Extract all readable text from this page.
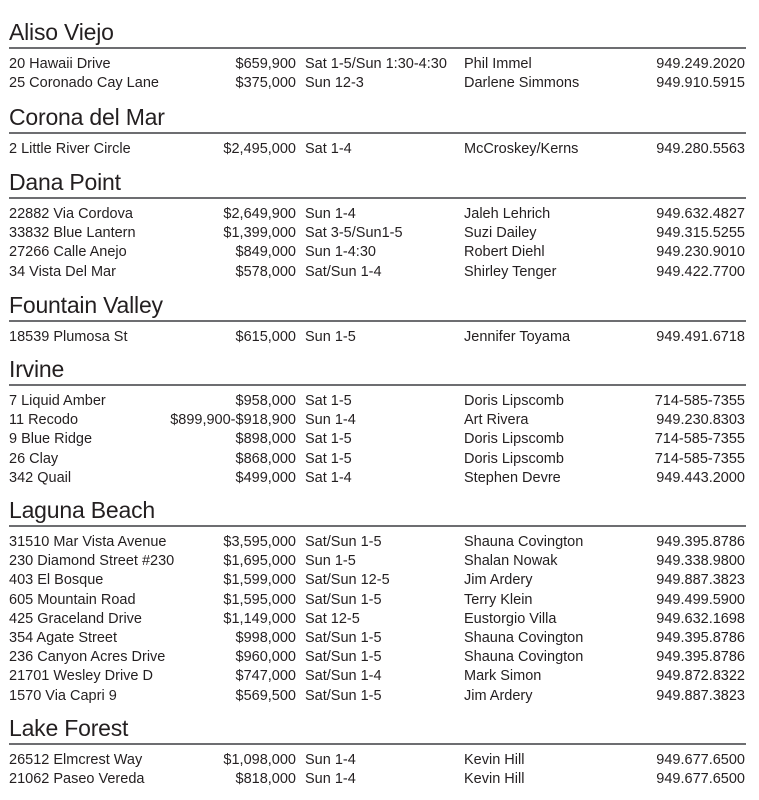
Aliso Viejo
20 Hawaii Drive	$659,900 Sat 1-5/Sun 1:30-4:30 Phil Immel	949.249.2020
25 Coronado Cay Lane	$375,000 Sun 12-3	Darlene Simmons	949.910.5915
Corona del Mar
2 Little River Circle	$2,495,000 Sat 1-4	McCroskey/Kerns	949.280.5563
Dana Point
22882 Via Cordova	$2,649,900 Sun 1-4	Jaleh Lehrich	949.632.4827
33832 Blue Lantern	$1,399,000 Sat 3-5/Sun1-5	Suzi Dailey	949.315.5255
27266 Calle Anejo	$849,000 Sun 1-4:30	Robert Diehl	949.230.9010
34 Vista Del Mar	$578,000 Sat/Sun 1-4	Shirley Tenger	949.422.7700
Fountain Valley
18539 Plumosa St	$615,000 Sun 1-5	Jennifer Toyama	949.491.6718
Irvine
7 Liquid Amber	$958,000 Sat 1-5	Doris Lipscomb	714-585-7355
11 Recodo	$899,900-$918,900 Sun 1-4	Art Rivera	949.230.8303
9 Blue Ridge	$898,000 Sat 1-5	Doris Lipscomb	714-585-7355
26 Clay	$868,000 Sat 1-5	Doris Lipscomb	714-585-7355
342 Quail	$499,000 Sat 1-4	Stephen Devre	949.443.2000
Laguna Beach
31510 Mar Vista Avenue	$3,595,000 Sat/Sun 1-5	Shauna Covington	949.395.8786
230 Diamond Street #230	$1,695,000 Sun 1-5	Shalan Nowak	949.338.9800
403 El Bosque	$1,599,000 Sat/Sun 12-5	Jim Ardery	949.887.3823
605 Mountain Road	$1,595,000 Sat/Sun 1-5	Terry Klein	949.499.5900
425 Graceland Drive	$1,149,000 Sat 12-5	Eustorgio Villa	949.632.1698
354 Agate Street	$998,000 Sat/Sun 1-5	Shauna Covington	949.395.8786
236 Canyon Acres Drive	$960,000 Sat/Sun 1-5	Shauna Covington	949.395.8786
21701 Wesley Drive D	$747,000 Sat/Sun 1-4	Mark Simon	949.872.8322
1570 Via Capri 9	$569,500 Sat/Sun 1-5	Jim Ardery	949.887.3823
Lake Forest
26512 Elmcrest Way	$1,098,000 Sun 1-4	Kevin Hill	949.677.6500
21062 Paseo Vereda	$818,000 Sun 1-4	Kevin Hill	949.677.6500
